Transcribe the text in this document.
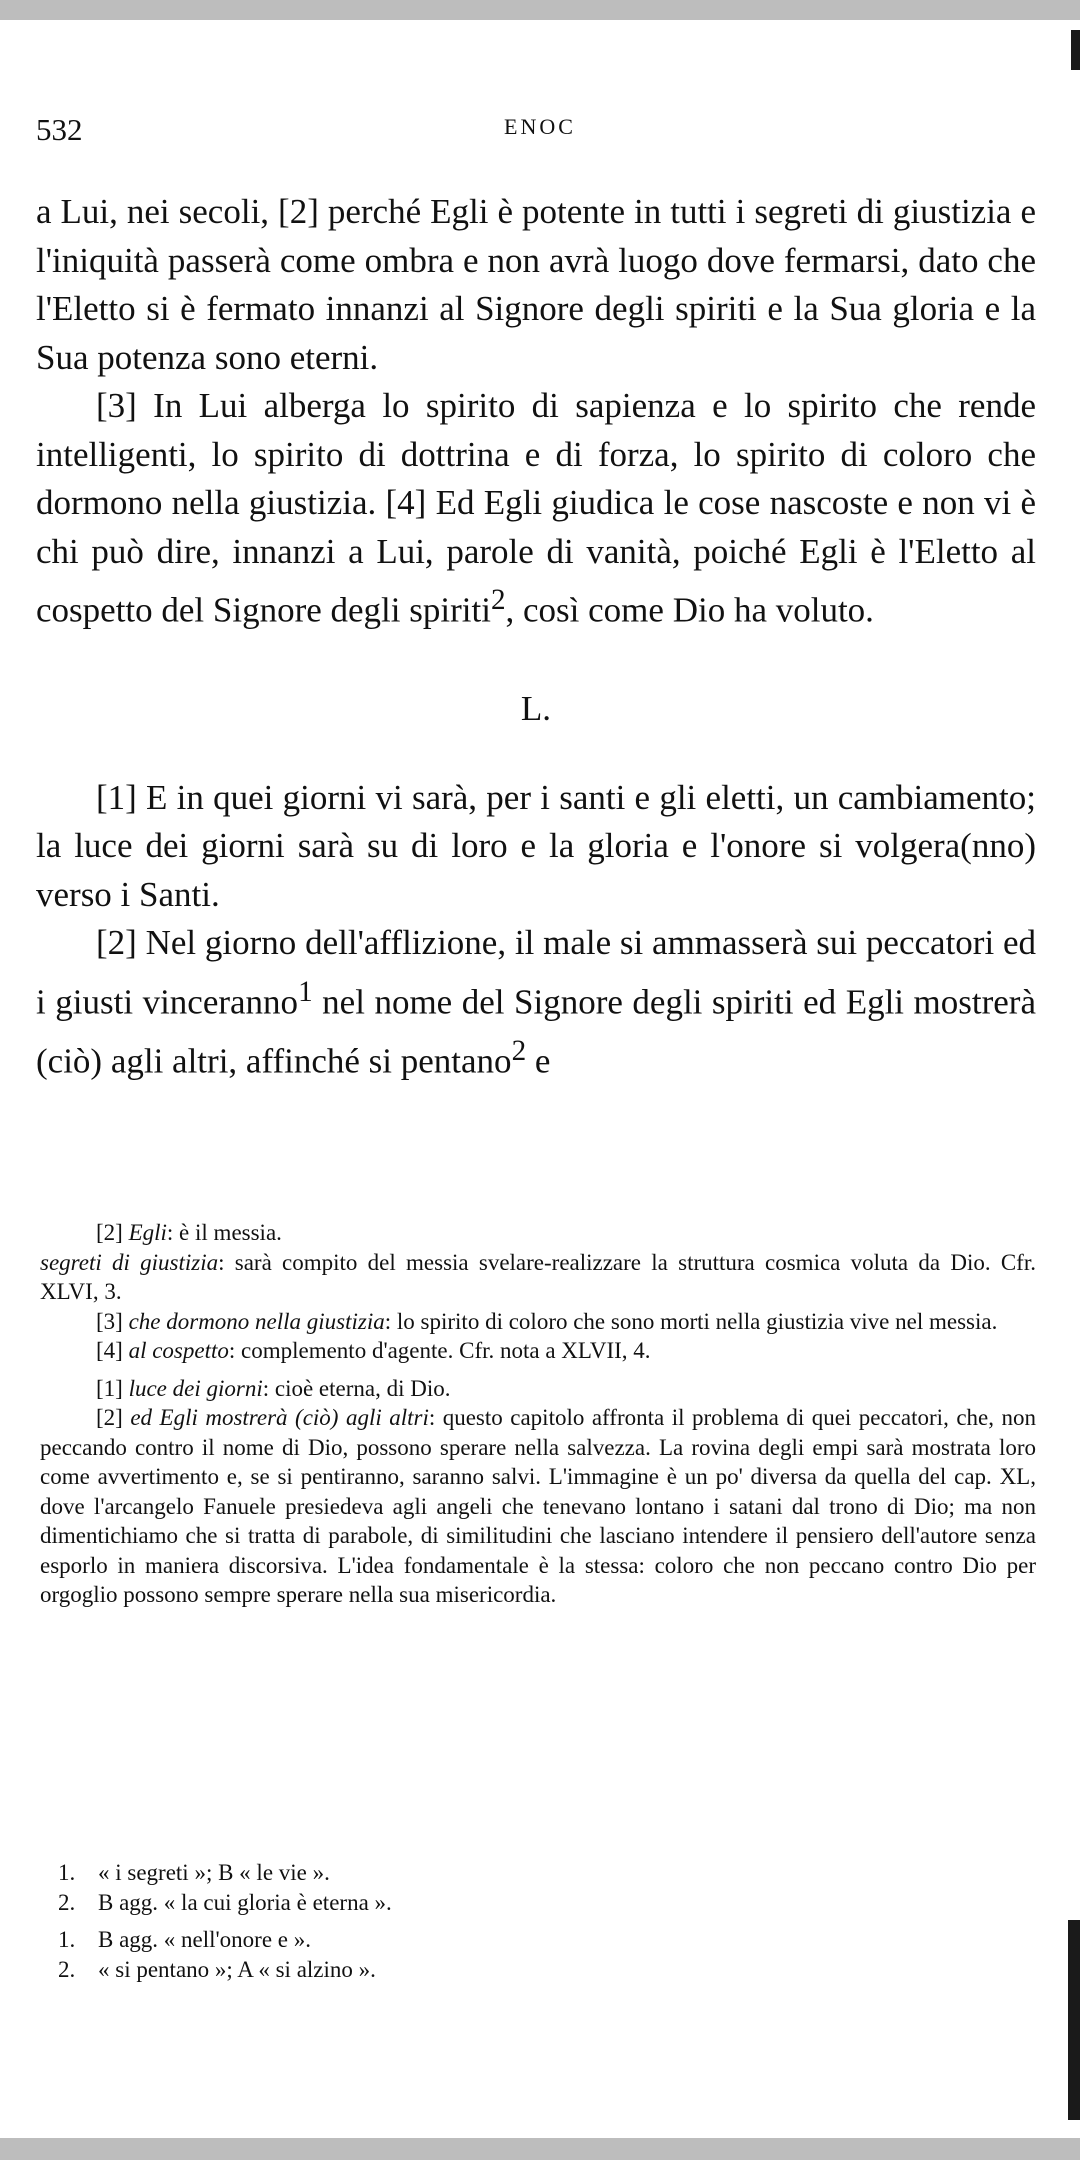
532	ENOC

a Lui, nei secoli, [2] perché Egli è potente in tutti i segreti di giustizia e l'iniquità passerà come ombra e non avrà luogo dove fermarsi, dato che l'Eletto si è fermato innanzi al Signore degli spiriti e la Sua gloria e la Sua potenza sono eterni.

[3] In Lui alberga lo spirito di sapienza e lo spirito che rende intelligenti, lo spirito di dottrina e di forza, lo spirito di coloro che dormono nella giustizia. [4] Ed Egli giudica le cose nascoste e non vi è chi può dire, innanzi a Lui, parole di vanità, poiché Egli è l'Eletto al cospetto del Signore degli spiriti$^2$, così come Dio ha voluto.

L.

[1] E in quei giorni vi sarà, per i santi e gli eletti, un cambiamento; la luce dei giorni sarà su di loro e la gloria e l'onore si volgera(nno) verso i Santi.

[2] Nel giorno dell'afflizione, il male si ammasserà sui peccatori ed i giusti vinceranno$^1$ nel nome del Signore degli spiriti ed Egli mostrerà (ciò) agli altri, affinché si pentano$^2$ e

[2] Egli: è il messia.

segreti di giustizia: sarà compito del messia svelare-realizzare la struttura cosmica voluta da Dio. Cfr. XLVI, 3.

[3] che dormono nella giustizia: lo spirito di coloro che sono morti nella giustizia vive nel messia.

[4] al cospetto: complemento d'agente. Cfr. nota a XLVII, 4.

[1] luce dei giorni: cioè eterna, di Dio.

[2] ed Egli mostrerà (ciò) agli altri: questo capitolo affronta il problema di quei peccatori, che, non peccando contro il nome di Dio, possono sperare nella salvezza. La rovina degli empi sarà mostrata loro come avvertimento e, se si pentiranno, saranno salvi. L'immagine è un po' diversa da quella del cap. XL, dove l'arcangelo Fanuele presiedeva agli angeli che tenevano lontano i satani dal trono di Dio; ma non dimentichiamo che si tratta di parabole, di similitudini che lasciano intendere il pensiero dell'autore senza esporlo in maniera discorsiva. L'idea fondamentale è la stessa: coloro che non peccano contro Dio per orgoglio possono sempre sperare nella sua misericordia.

1. « i segreti »; B « le vie ».

2. B agg. « la cui gloria è eterna ».

1. B agg. « nell'onore e ».

2. « si pentano »; A « si alzino ».
